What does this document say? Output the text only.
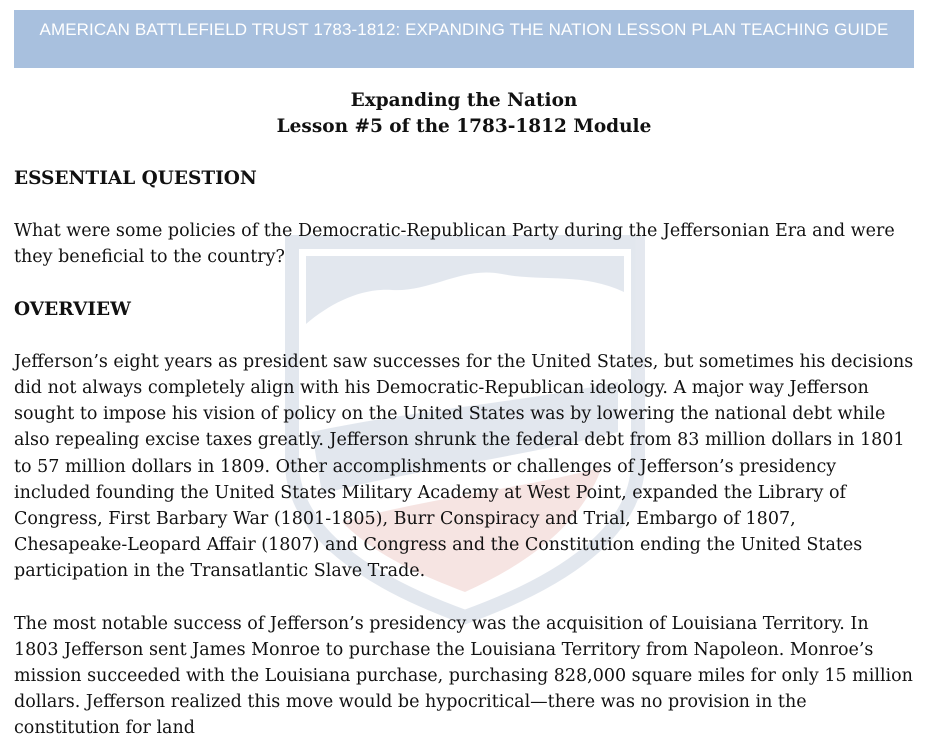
AMERICAN BATTLEFIELD TRUST 1783-1812: EXPANDING THE NATION LESSON PLAN TEACHING GUIDE

Expanding the Nation

Lesson #5 of the 1783-1812 Module

ESSENTIAL QUESTION

What were some policies of the Democratic-Republican Party during the Jeffersonian Era and were they beneficial to the country?

OVERVIEW

Jefferson’s eight years as president saw successes for the United States, but sometimes his decisions did not always completely align with his Democratic-Republican ideology. A major way Jefferson sought to impose his vision of policy on the United States was by lowering the national debt while also repealing excise taxes greatly. Jefferson shrunk the federal debt from 83 million dollars in 1801 to 57 million dollars in 1809. Other accomplishments or challenges of Jefferson’s presidency included founding the United States Military Academy at West Point, expanded the Library of Congress, First Barbary War (1801-1805), Burr Conspiracy and Trial, Embargo of 1807, Chesapeake-Leopard Affair (1807) and Congress and the Constitution ending the United States participation in the Transatlantic Slave Trade.

The most notable success of Jefferson’s presidency was the acquisition of Louisiana Territory. In 1803 Jefferson sent James Monroe to purchase the Louisiana Territory from Napoleon. Monroe’s mission succeeded with the Louisiana purchase, purchasing 828,000 square miles for only 15 million dollars. Jefferson realized this move would be hypocritical—there was no provision in the constitution for land
